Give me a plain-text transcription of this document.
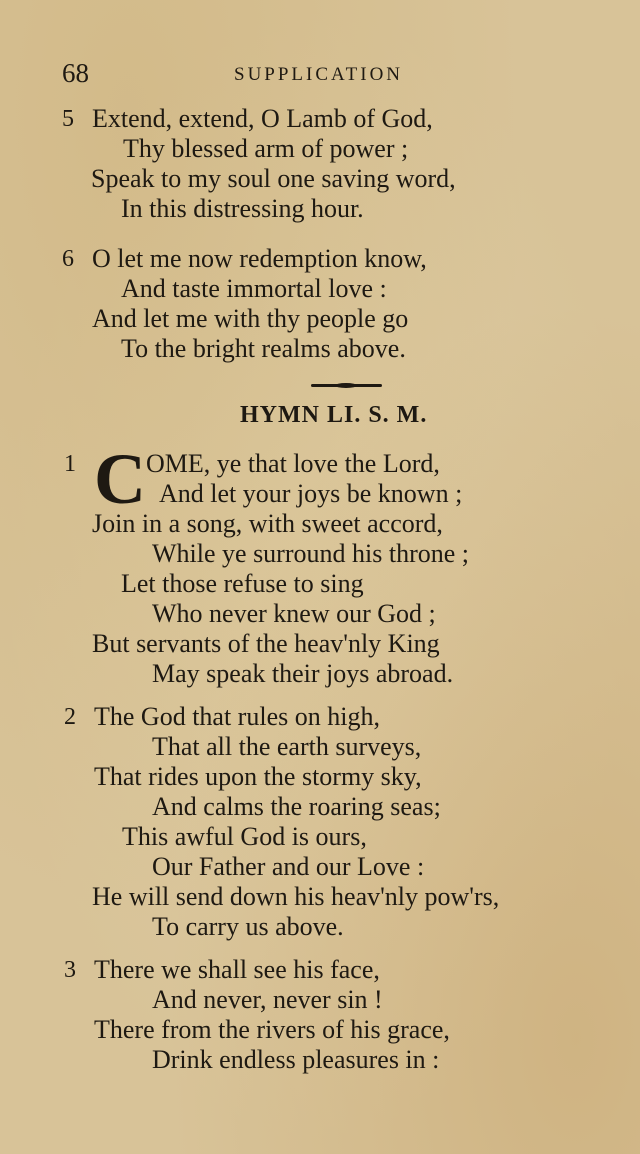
68	SUPPLICATION
5 Extend, extend, O Lamb of God,
Thy blessed arm of power ;
Speak to my soul one saving word,
In this distressing hour.
6 O let me now redemption know,
And taste immortal love :
And let me with thy people go
To the bright realms above.
HYMN LI. S. M.
1 C OME, ye that love the Lord,
And let your joys be known ;
Join in a song, with sweet accord,
While ye surround his throne ;
Let those refuse to sing
Who never knew our God ;
But servants of the heav'nly King
May speak their joys abroad.
2 The God that rules on high,
That all the earth surveys,
That rides upon the stormy sky,
And calms the roaring seas;
This awful God is ours,
Our Father and our Love :
He will send down his heav'nly pow'rs,
To carry us above.
3 There we shall see his face,
And never, never sin !
There from the rivers of his grace,
Drink endless pleasures in :
